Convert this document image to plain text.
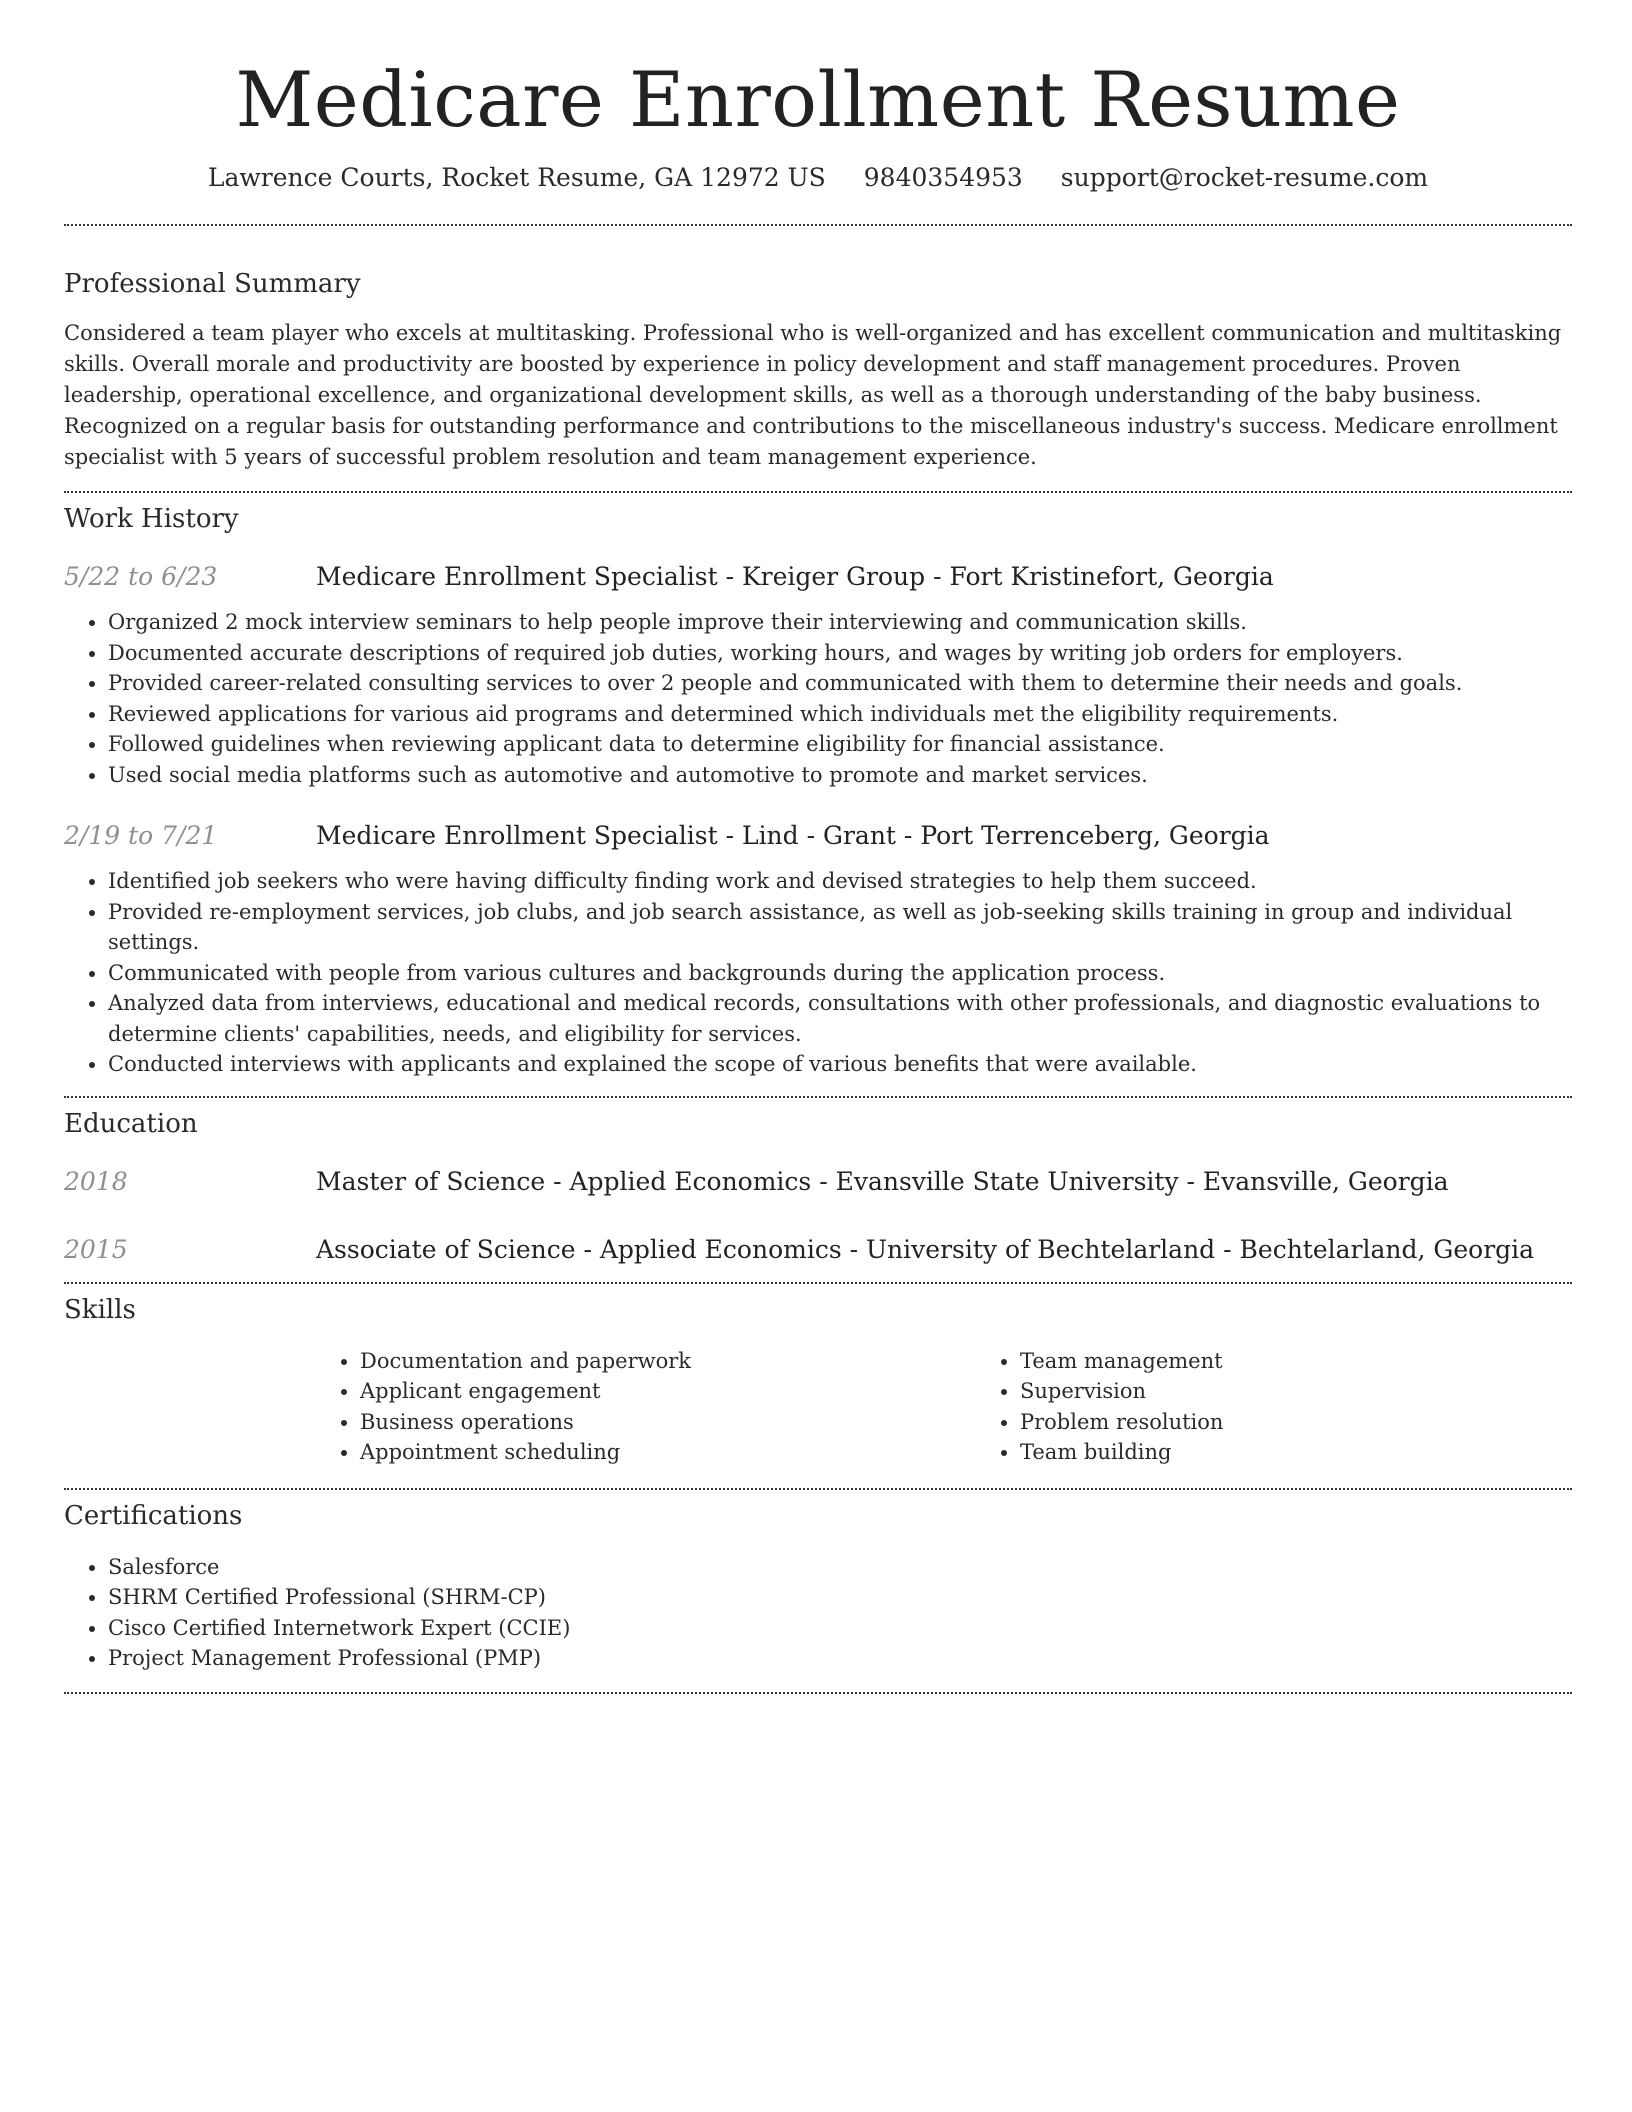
Medicare Enrollment Resume
Lawrence Courts, Rocket Resume, GA 12972 US 9840354953 support@rocket-resume.com
Professional Summary

Considered a team player who excels at multitasking. Professional who is well-organized and has excellent communication and multitasking skills. Overall morale and productivity are boosted by experience in policy development and staff management procedures. Proven leadership, operational excellence, and organizational development skills, as well as a thorough understanding of the baby business. Recognized on a regular basis for outstanding performance and contributions to the miscellaneous industry's success. Medicare enrollment specialist with 5 years of successful problem resolution and team management experience.

Work History
5/22 to 6/23	Medicare Enrollment Specialist - Kreiger Group - Fort Kristinefort, Georgia
• Organized 2 mock interview seminars to help people improve their interviewing and communication skills.
• Documented accurate descriptions of required job duties, working hours, and wages by writing job orders for employers.
• Provided career-related consulting services to over 2 people and communicated with them to determine their needs and goals.
• Reviewed applications for various aid programs and determined which individuals met the eligibility requirements.
• Followed guidelines when reviewing applicant data to determine eligibility for financial assistance.
• Used social media platforms such as automotive and automotive to promote and market services.
2/19 to 7/21	Medicare Enrollment Specialist - Lind - Grant - Port Terrenceberg, Georgia
• Identified job seekers who were having difficulty finding work and devised strategies to help them succeed.
• Provided re-employment services, job clubs, and job search assistance, as well as job-seeking skills training in group and individual settings.
• Communicated with people from various cultures and backgrounds during the application process.
• Analyzed data from interviews, educational and medical records, consultations with other professionals, and diagnostic evaluations to determine clients' capabilities, needs, and eligibility for services.
• Conducted interviews with applicants and explained the scope of various benefits that were available.
Education
2018	Master of Science - Applied Economics - Evansville State University - Evansville, Georgia
2015	Associate of Science - Applied Economics - University of Bechtelarland - Bechtelarland, Georgia
Skills
• Documentation and paperwork
• Applicant engagement
• Business operations
• Appointment scheduling
• Team management
• Supervision
• Problem resolution
• Team building
Certifications
• Salesforce
• SHRM Certified Professional (SHRM-CP)
• Cisco Certified Internetwork Expert (CCIE)
• Project Management Professional (PMP)
